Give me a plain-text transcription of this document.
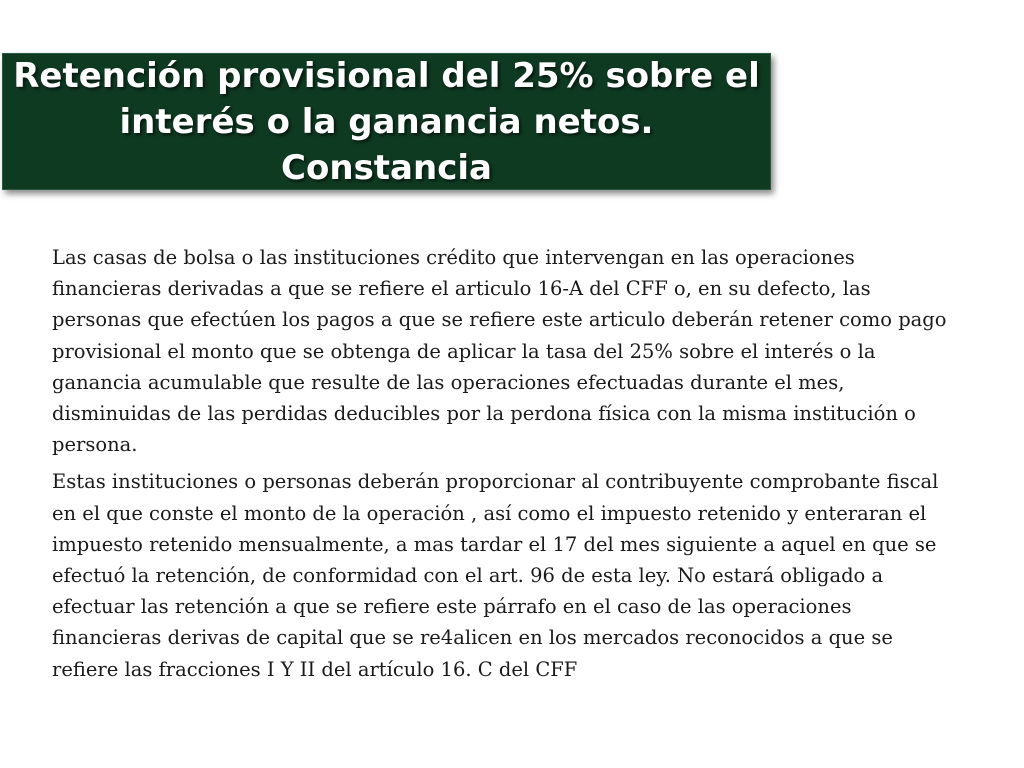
Retención provisional del 25% sobre el
interés o la ganancia netos. Constancia

Las casas de bolsa o las instituciones crédito que intervengan en las operaciones
financieras derivadas a que se refiere el articulo 16-A del CFF o, en su defecto, las
personas que efectúen los pagos a que se refiere este articulo deberán retener como pago
provisional el monto que se obtenga de aplicar la tasa del 25% sobre el interés o la
ganancia acumulable que resulte de las operaciones efectuadas durante el mes,
disminuidas de las perdidas deducibles por la perdona física con la misma institución o
persona.

Estas instituciones o personas deberán proporcionar al contribuyente comprobante fiscal
en el que conste el monto de la operación , así como el impuesto retenido y enteraran el
impuesto retenido mensualmente, a mas tardar el 17 del mes siguiente a aquel en que se
efectuó la retención, de conformidad con el art. 96 de esta ley. No estará obligado a
efectuar las retención a que se refiere este párrafo en el caso de las operaciones
financieras derivas de capital que se re4alicen en los mercados reconocidos a que se
refiere las fracciones I Y II del artículo 16. C del CFF
